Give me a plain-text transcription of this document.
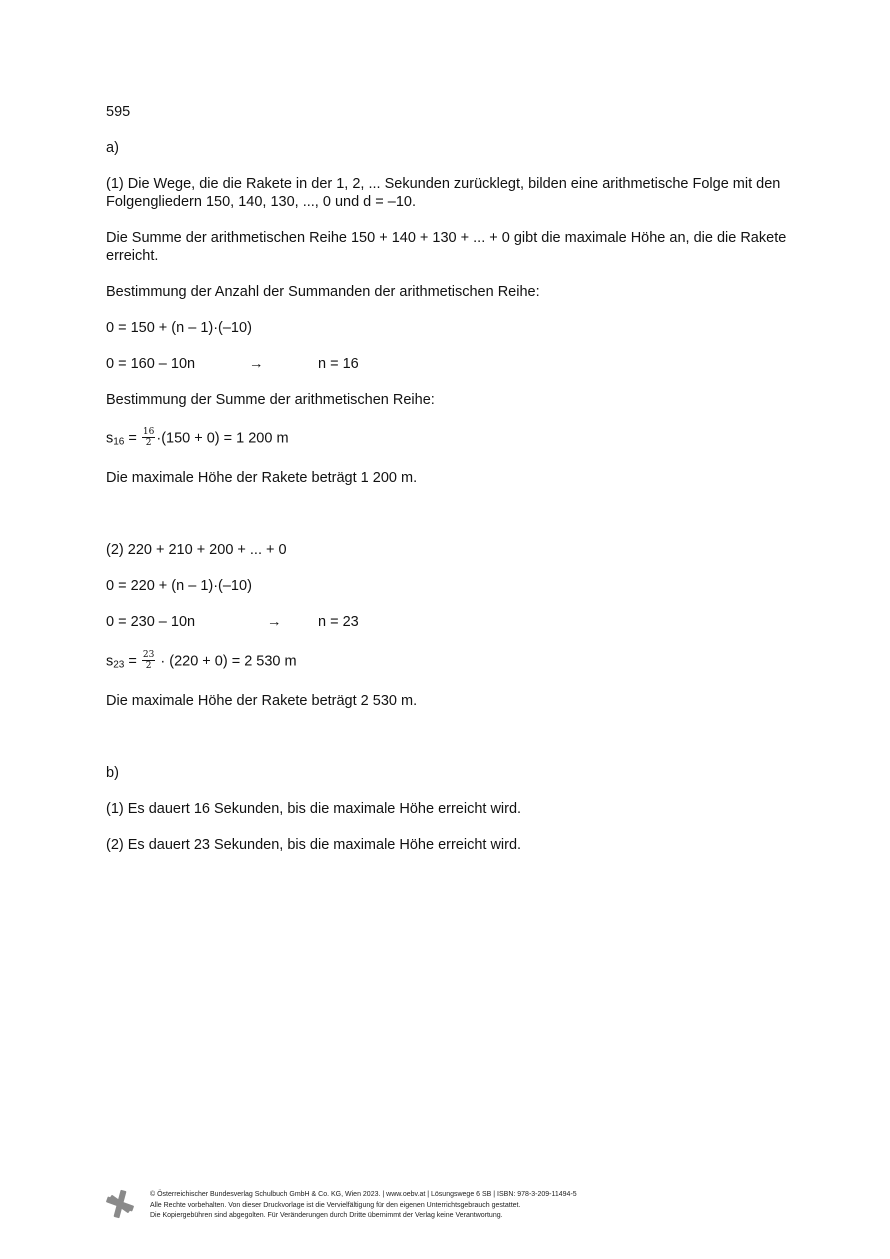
595
a)
(1) Die Wege, die die Rakete in der 1, 2, ... Sekunden zurücklegt, bilden eine arithmetische Folge mit den Folgengliedern 150, 140, 130, ..., 0 und d = –10.
Die Summe der arithmetischen Reihe 150 + 140 + 130 + ... + 0 gibt die maximale Höhe an, die die Rakete erreicht.
Bestimmung der Anzahl der Summanden der arithmetischen Reihe:
0 = 150 + (n – 1)·(–10)
0 = 160 – 10n	→	n = 16
Bestimmung der Summe der arithmetischen Reihe:
$s_{16} = \frac{16}{2} \cdot(150 + 0) = 1$ 200 m
Die maximale Höhe der Rakete beträgt 1 200 m.
(2) 220 + 210 + 200 + ... + 0
0 = 220 + (n – 1)·(–10)
0 = 230 – 10n	→	n = 23
$s_{23} = \frac{23}{2} \cdot (220 + 0) = 2$ 530 m
Die maximale Höhe der Rakete beträgt 2 530 m.
b)
(1) Es dauert 16 Sekunden, bis die maximale Höhe erreicht wird.
(2) Es dauert 23 Sekunden, bis die maximale Höhe erreicht wird.
© Österreichischer Bundesverlag Schulbuch GmbH & Co. KG, Wien 2023. | www.oebv.at | Lösungswege 6 SB | ISBN: 978-3-209-11494-5
Alle Rechte vorbehalten. Von dieser Druckvorlage ist die Vervielfältigung für den eigenen Unterrichtsgebrauch gestattet.
Die Kopiergebühren sind abgegolten. Für Veränderungen durch Dritte übernimmt der Verlag keine Verantwortung.
